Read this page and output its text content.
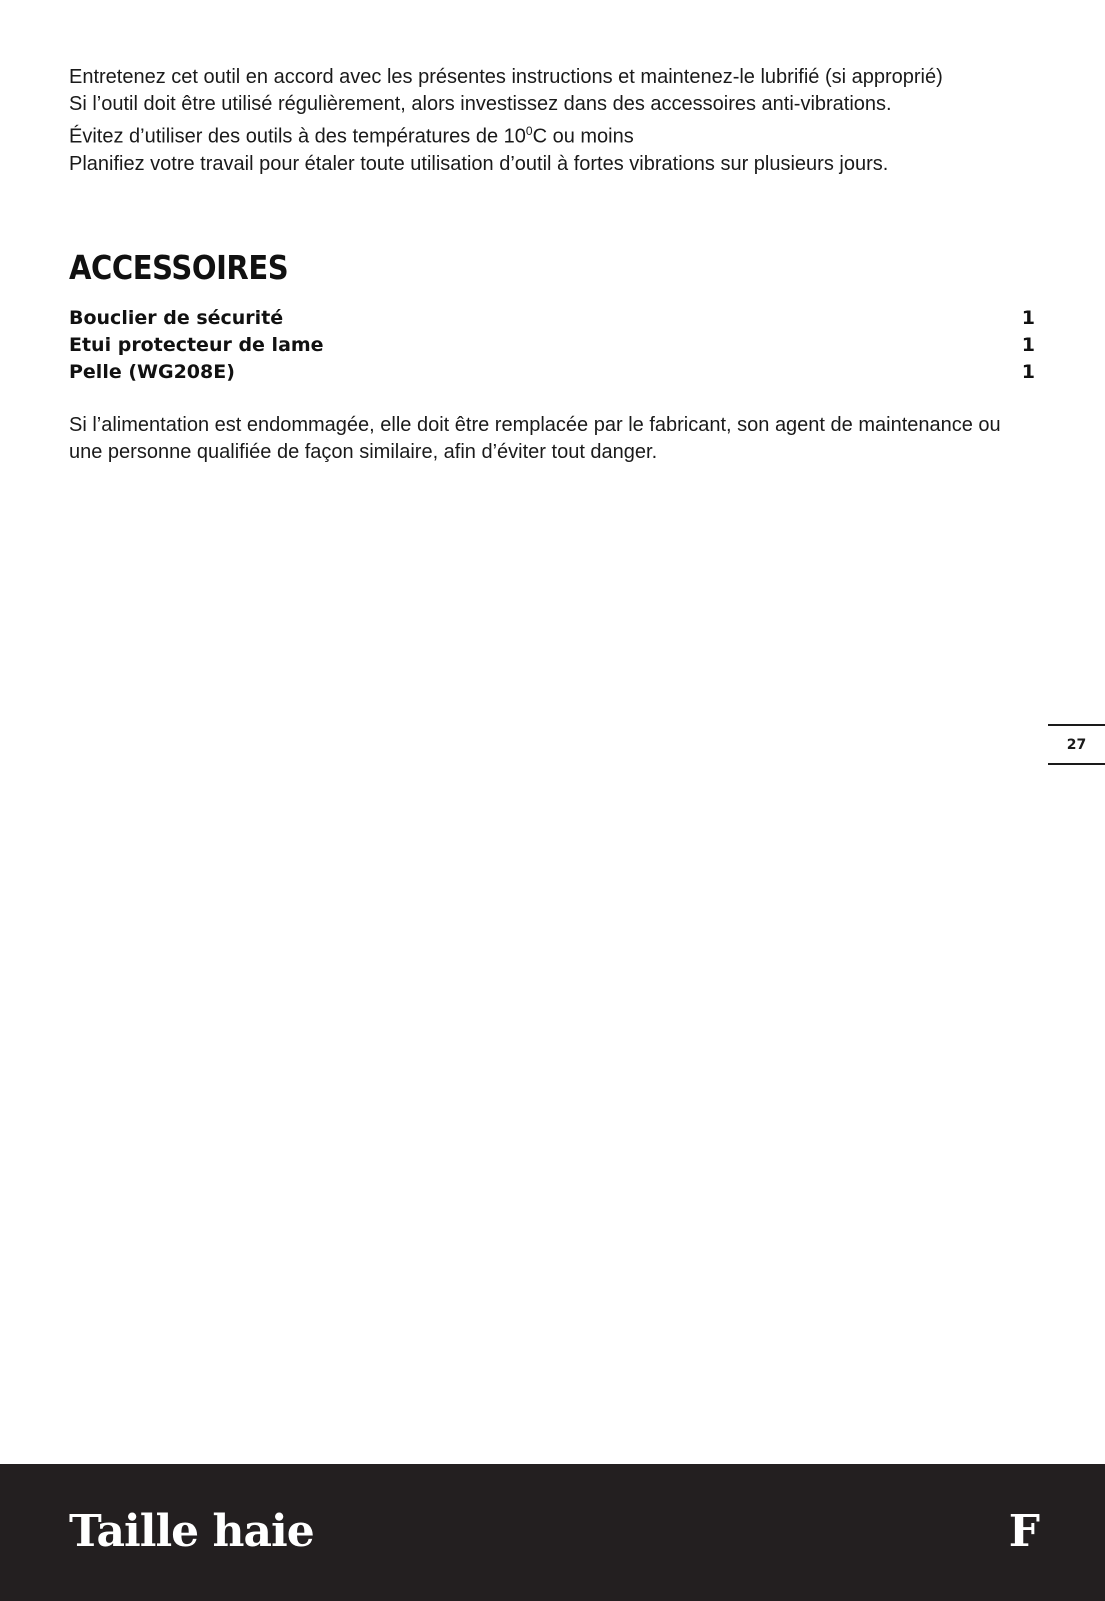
Entretenez cet outil en accord avec les présentes instructions et maintenez-le lubrifié (si approprié)

Si l’outil doit être utilisé régulièrement, alors investissez dans des accessoires anti-vibrations.

Évitez d’utiliser des outils à des températures de $10^0C$ ou moins

Planifiez votre travail pour étaler toute utilisation d’outil à fortes vibrations sur plusieurs jours.

ACCESSOIRES
Bouclier de sécurité	1
Etui protecteur de lame	1
Pelle (WG208E)	1

Si l’alimentation est endommagée, elle doit être remplacée par le fabricant, son agent de maintenance ou une personne qualifiée de façon similaire, afin d’éviter tout danger.

27
Taille haie	F
